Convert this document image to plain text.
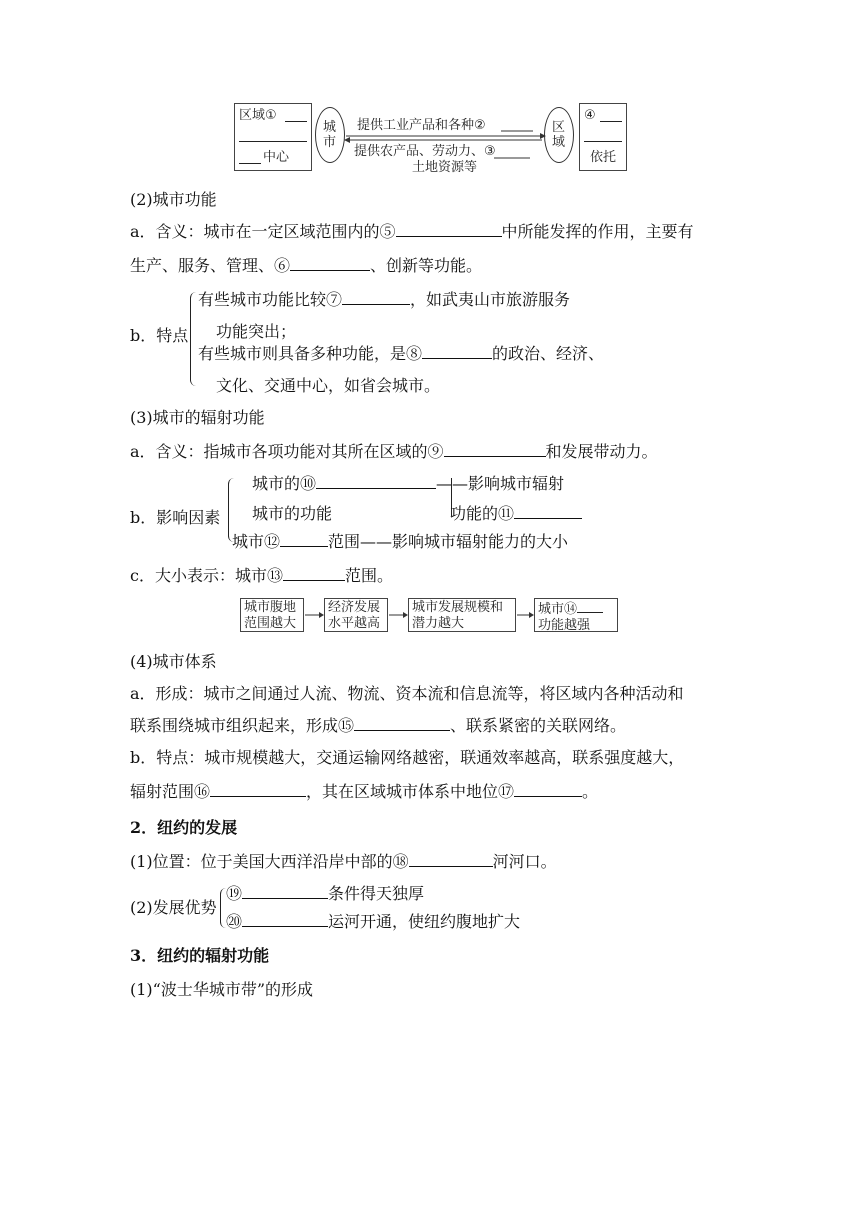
区域①
中心
城市
区域
提供工业产品和各种②
提供农产品、劳动力、③
土地资源等
④
依托
(2)城市功能
a．含义：城市在一定区域范围内的⑤	中所能发挥的作用，主要有
生产、服务、管理、⑥	、创新等功能。
b．特点
有些城市功能比较⑦	，如武夷山市旅游服务
功能突出；
有些城市则具备多种功能，是⑧	的政治、经济、
文化、交通中心，如省会城市。
(3)城市的辐射功能
a．含义：指城市各项功能对其所在区域的⑨	和发展带动力。
b．影响因素
城市的⑩	——影响城市辐射
城市的功能	功能的⑪
城市⑫	范围——影响城市辐射能力的大小
c．大小表示：城市⑬	范围。
城市腹地范围越大
经济发展水平越高
城市发展规模和潜力越大
城市⑭
功能越强
(4)城市体系
a．形成：城市之间通过人流、物流、资本流和信息流等，将区域内各种活动和
联系围绕城市组织起来，形成⑮	、联系紧密的关联网络。
b．特点：城市规模越大，交通运输网络越密，联通效率越高，联系强度越大，
辐射范围⑯	，其在区域城市体系中地位⑰	。
2．纽约的发展
(1)位置：位于美国大西洋沿岸中部的⑱	河河口。
(2)发展优势
⑲	条件得天独厚
⑳	运河开通，使纽约腹地扩大
3．纽约的辐射功能
(1)“波士华城市带”的形成
